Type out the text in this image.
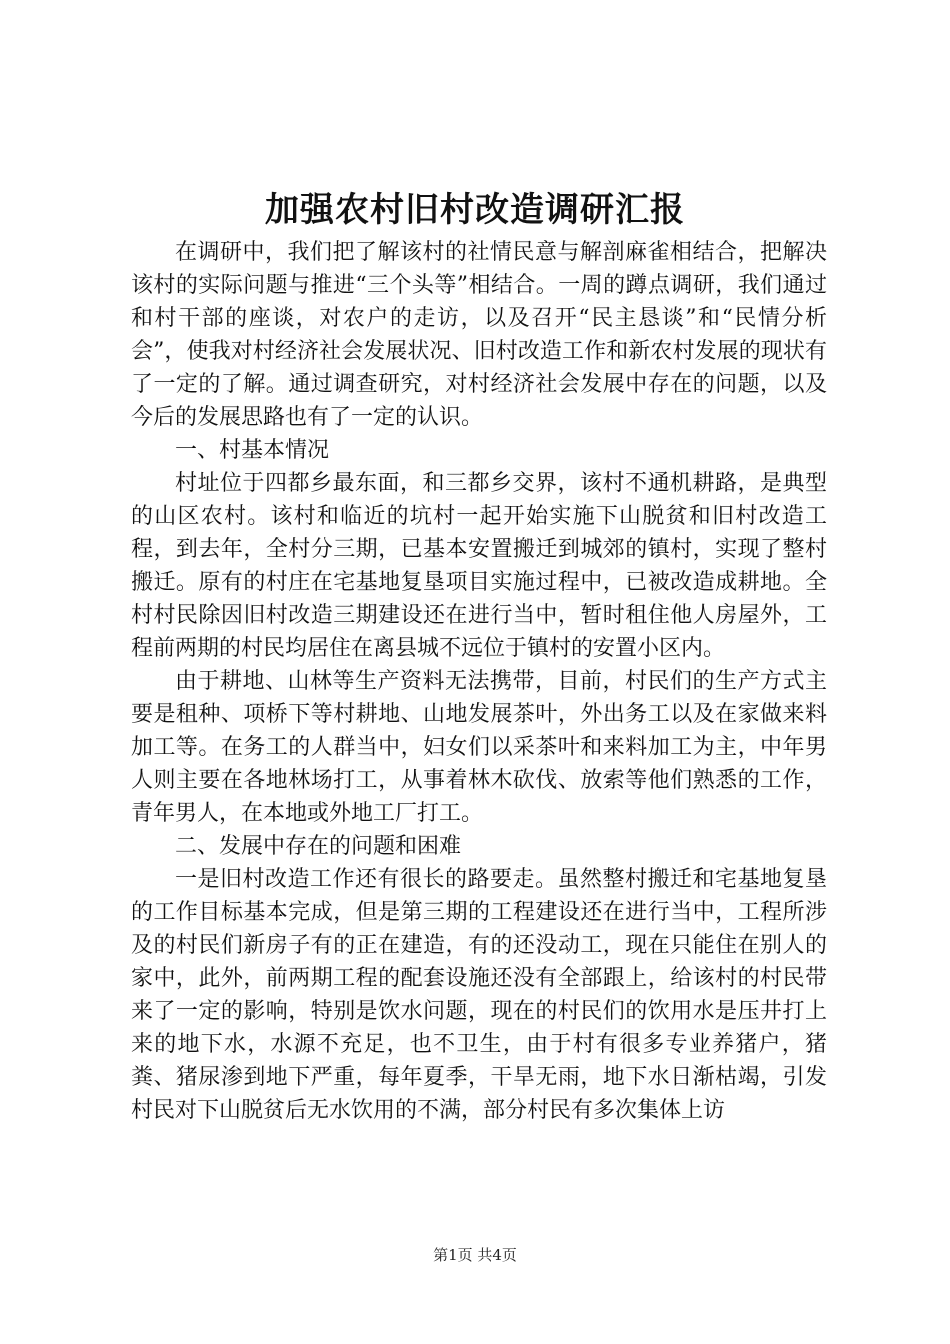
加强农村旧村改造调研汇报

在调研中，我们把了解该村的社情民意与解剖麻雀相结合，把解决该村的实际问题与推进“三个头等”相结合。一周的蹲点调研，我们通过和村干部的座谈，对农户的走访，以及召开“民主恳谈”和“民情分析会”，使我对村经济社会发展状况、旧村改造工作和新农村发展的现状有了一定的了解。通过调查研究，对村经济社会发展中存在的问题，以及今后的发展思路也有了一定的认识。

一、村基本情况

村址位于四都乡最东面，和三都乡交界，该村不通机耕路，是典型的山区农村。该村和临近的坑村一起开始实施下山脱贫和旧村改造工程，到去年，全村分三期，已基本安置搬迁到城郊的镇村，实现了整村搬迁。原有的村庄在宅基地复垦项目实施过程中，已被改造成耕地。全村村民除因旧村改造三期建设还在进行当中，暂时租住他人房屋外，工程前两期的村民均居住在离县城不远位于镇村的安置小区内。

由于耕地、山林等生产资料无法携带，目前，村民们的生产方式主要是租种、项桥下等村耕地、山地发展茶叶，外出务工以及在家做来料加工等。在务工的人群当中，妇女们以采茶叶和来料加工为主，中年男人则主要在各地林场打工，从事着林木砍伐、放索等他们熟悉的工作，青年男人，在本地或外地工厂打工。

二、发展中存在的问题和困难

一是旧村改造工作还有很长的路要走。虽然整村搬迁和宅基地复垦的工作目标基本完成，但是第三期的工程建设还在进行当中，工程所涉及的村民们新房子有的正在建造，有的还没动工，现在只能住在别人的家中，此外，前两期工程的配套设施还没有全部跟上，给该村的村民带来了一定的影响，特别是饮水问题，现在的村民们的饮用水是压井打上来的地下水，水源不充足，也不卫生，由于村有很多专业养猪户，猪粪、猪尿渗到地下严重，每年夏季，干旱无雨，地下水日渐枯竭，引发村民对下山脱贫后无水饮用的不满，部分村民有多次集体上访

第1页 共4页
